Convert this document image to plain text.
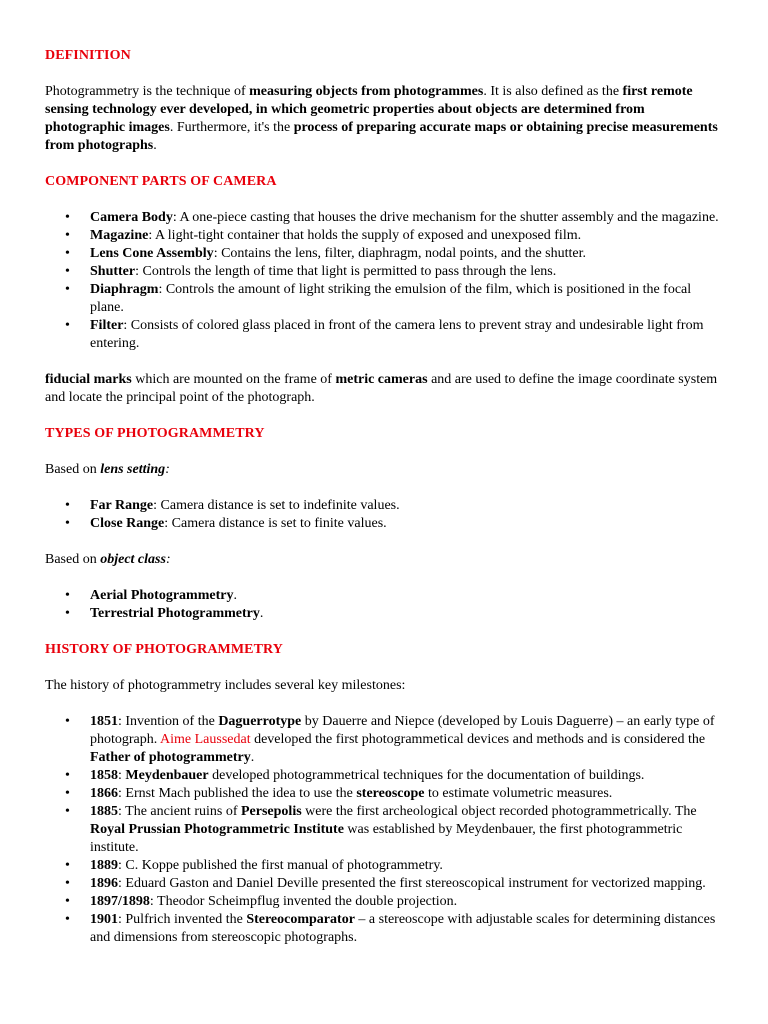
DEFINITION

Photogrammetry is the technique of measuring objects from photogrammes. It is also defined as the first remote sensing technology ever developed, in which geometric properties about objects are determined from photographic images. Furthermore, it's the process of preparing accurate maps or obtaining precise measurements from photographs.

COMPONENT PARTS OF CAMERA
• Camera Body: A one-piece casting that houses the drive mechanism for the shutter assembly and the magazine.
• Magazine: A light-tight container that holds the supply of exposed and unexposed film.
• Lens Cone Assembly: Contains the lens, filter, diaphragm, nodal points, and the shutter.
• Shutter: Controls the length of time that light is permitted to pass through the lens.
• Diaphragm: Controls the amount of light striking the emulsion of the film, which is positioned in the focal plane.
• Filter: Consists of colored glass placed in front of the camera lens to prevent stray and undesirable light from entering.

fiducial marks which are mounted on the frame of metric cameras and are used to define the image coordinate system and locate the principal point of the photograph.

TYPES OF PHOTOGRAMMETRY

Based on lens setting:

• Far Range: Camera distance is set to indefinite values.
• Close Range: Camera distance is set to finite values.

Based on object class:

• Aerial Photogrammetry.
• Terrestrial Photogrammetry.
HISTORY OF PHOTOGRAMMETRY

The history of photogrammetry includes several key milestones:

• 1851: Invention of the Daguerrotype by Dauerre and Niepce (developed by Louis Daguerre) – an early type of photograph. Aime Laussedat developed the first photogrammetical devices and methods and is considered the Father of photogrammetry.
• 1858: Meydenbauer developed photogrammetrical techniques for the documentation of buildings.
• 1866: Ernst Mach published the idea to use the stereoscope to estimate volumetric measures.
• 1885: The ancient ruins of Persepolis were the first archeological object recorded photogrammetrically. The Royal Prussian Photogrammetric Institute was established by Meydenbauer, the first photogrammetric institute.
• 1889: C. Koppe published the first manual of photogrammetry.
• 1896: Eduard Gaston and Daniel Deville presented the first stereoscopical instrument for vectorized mapping.
• 1897/1898: Theodor Scheimpflug invented the double projection.
• 1901: Pulfrich invented the Stereocomparator – a stereoscope with adjustable scales for determining distances and dimensions from stereoscopic photographs.
